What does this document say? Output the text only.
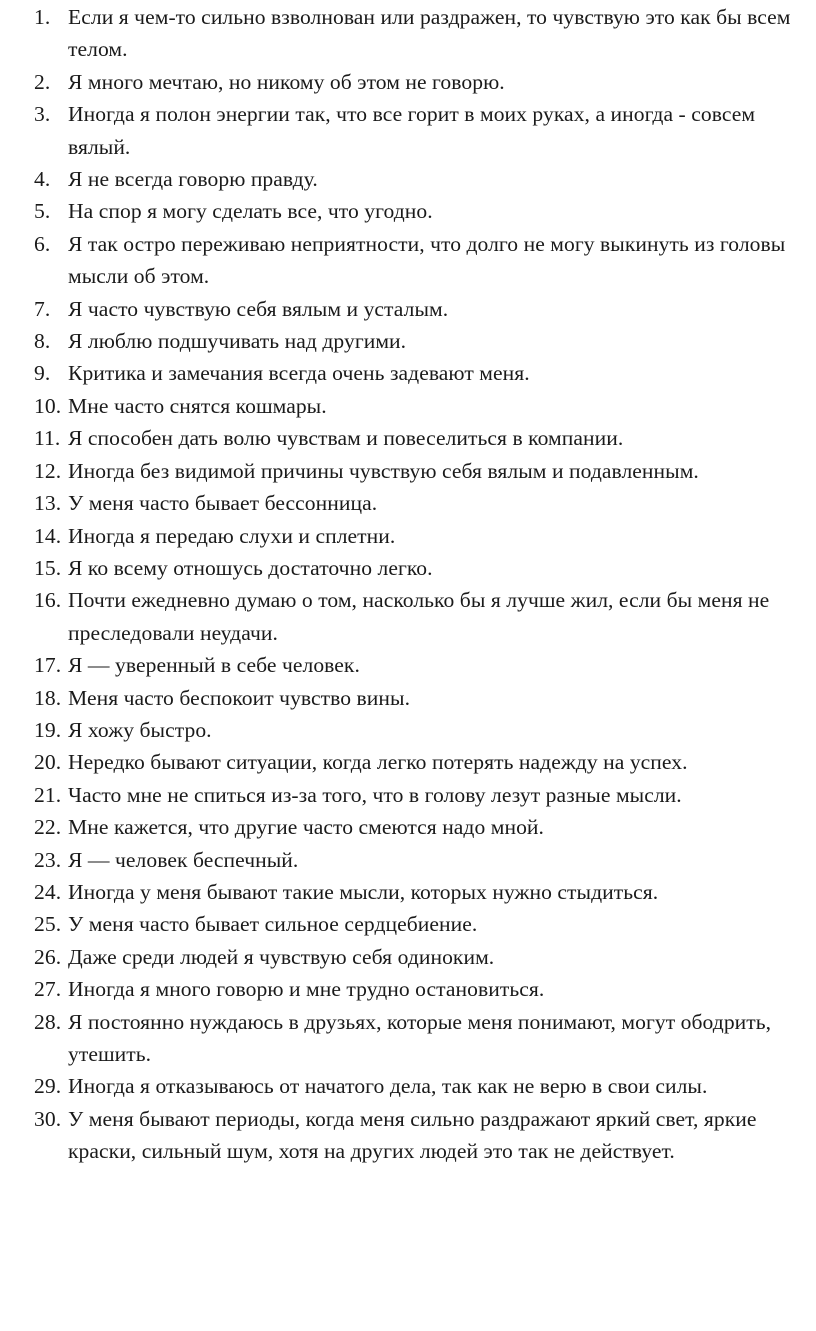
1. Если я чем-то сильно взволнован или раздражен, то чувствую это как бы всем телом.
2. Я много мечтаю, но никому об этом не говорю.
3. Иногда я полон энергии так, что все горит в моих руках, а иногда - совсем вялый.
4. Я не всегда говорю правду.
5. На спор я могу сделать все, что угодно.
6. Я так остро переживаю неприятности, что долго не могу выкинуть из головы мысли об этом.
7. Я часто чувствую себя вялым и усталым.
8. Я люблю подшучивать над другими.
9. Критика и замечания всегда очень задевают меня.
10. Мне часто снятся кошмары.
11. Я способен дать волю чувствам и повеселиться в компании.
12. Иногда без видимой причины чувствую себя вялым и подавленным.
13. У меня часто бывает бессонница.
14. Иногда я передаю слухи и сплетни.
15. Я ко всему отношусь достаточно легко.
16. Почти ежедневно думаю о том, насколько бы я лучше жил, если бы меня не преследовали неудачи.
17. Я — уверенный в себе человек.
18. Меня часто беспокоит чувство вины.
19. Я хожу быстро.
20. Нередко бывают ситуации, когда легко потерять надежду на успех.
21. Часто мне не спиться из-за того, что в голову лезут разные мысли.
22. Мне кажется, что другие часто смеются надо мной.
23. Я — человек беспечный.
24. Иногда у меня бывают такие мысли, которых нужно стыдиться.
25. У меня часто бывает сильное сердцебиение.
26. Даже среди людей я чувствую себя одиноким.
27. Иногда я много говорю и мне трудно остановиться.
28. Я постоянно нуждаюсь в друзьях, которые меня понимают, могут ободрить, утешить.
29. Иногда я отказываюсь от начатого дела, так как не верю в свои силы.
30. У меня бывают периоды, когда меня сильно раздражают яркий свет, яркие краски, сильный шум, хотя на других людей это так не действует.
